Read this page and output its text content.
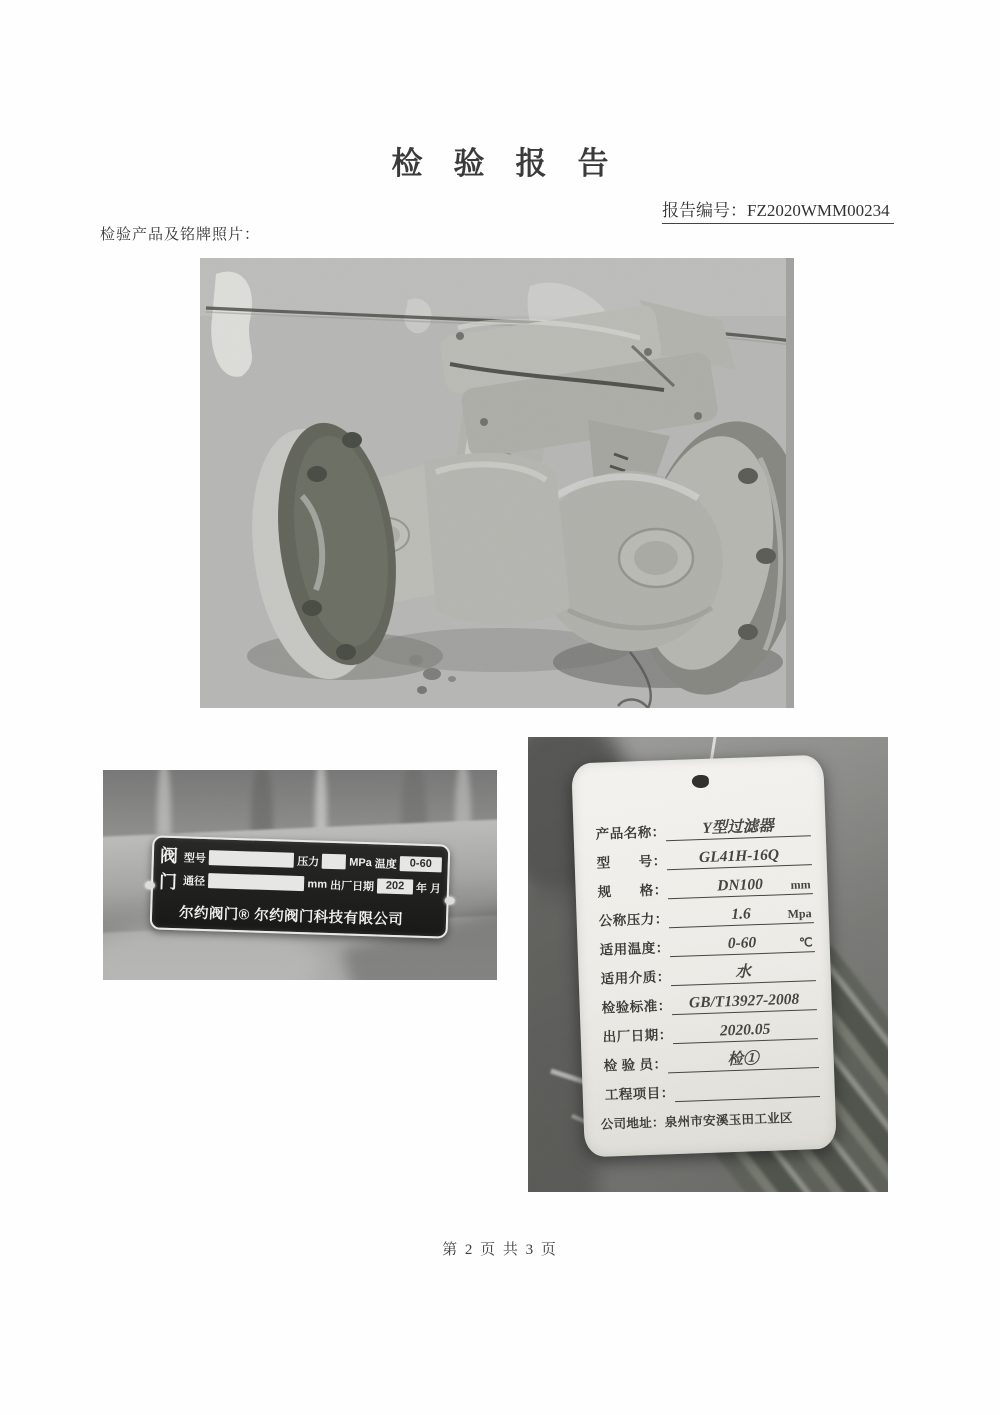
检验报告
报告编号：FZ2020WMM00234
检验产品及铭牌照片：
阀门
型号	压力	MPa 温度	0-60
通径	mm 出厂日期	202	年 月
尔约阀门® 尔约阀门科技有限公司
产品名称：	Y型过滤器
型　　号：	GL41H-16Q
规　　格：	DN100	mm
公称压力：	1.6	Mpa
适用温度：	0-60	℃
适用介质：	水
检验标准：	GB/T13927-2008
出厂日期：	2020.05
检 验 员：	检①
工程项目：
公司地址：泉州市安溪玉田工业区
第 2 页 共 3 页
